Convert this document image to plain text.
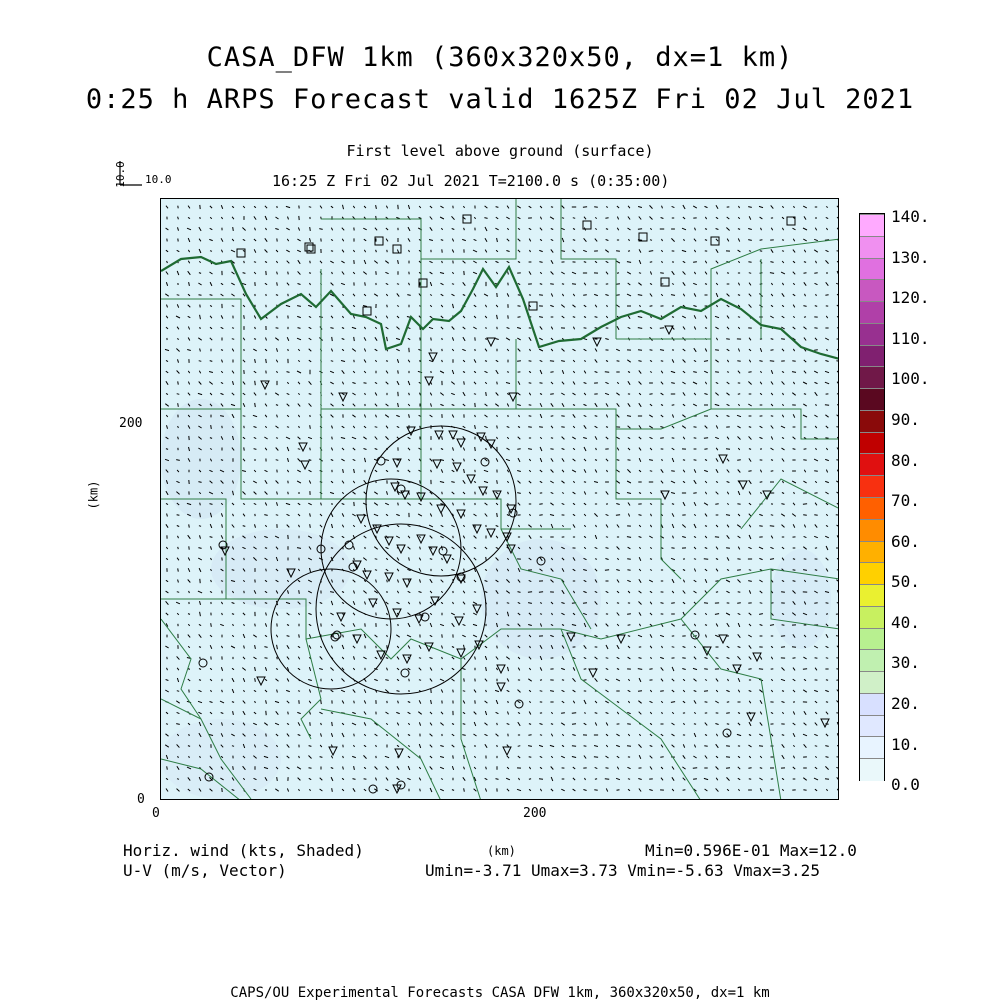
CASA_DFW 1km (360x320x50, dx=1 km)
0:25 h ARPS Forecast valid 1625Z Fri 02 Jul 2021
First level above ground (surface)
16:25 Z Fri 02 Jul 2021 T=2100.0 s (0:35:00)
10.0
10.0
0	200
0
200
(km)
(km)
140.
130.
120.
110.
100.
90.
80.
70.
60.
50.
40.
30.
20.
10.
0.0
Horiz. wind (kts, Shaded)
U-V (m/s, Vector)
Min=0.596E-01 Max=12.0
Umin=-3.71 Umax=3.73 Vmin=-5.63 Vmax=3.25
CAPS/OU Experimental Forecasts CASA DFW 1km, 360x320x50, dx=1 km
